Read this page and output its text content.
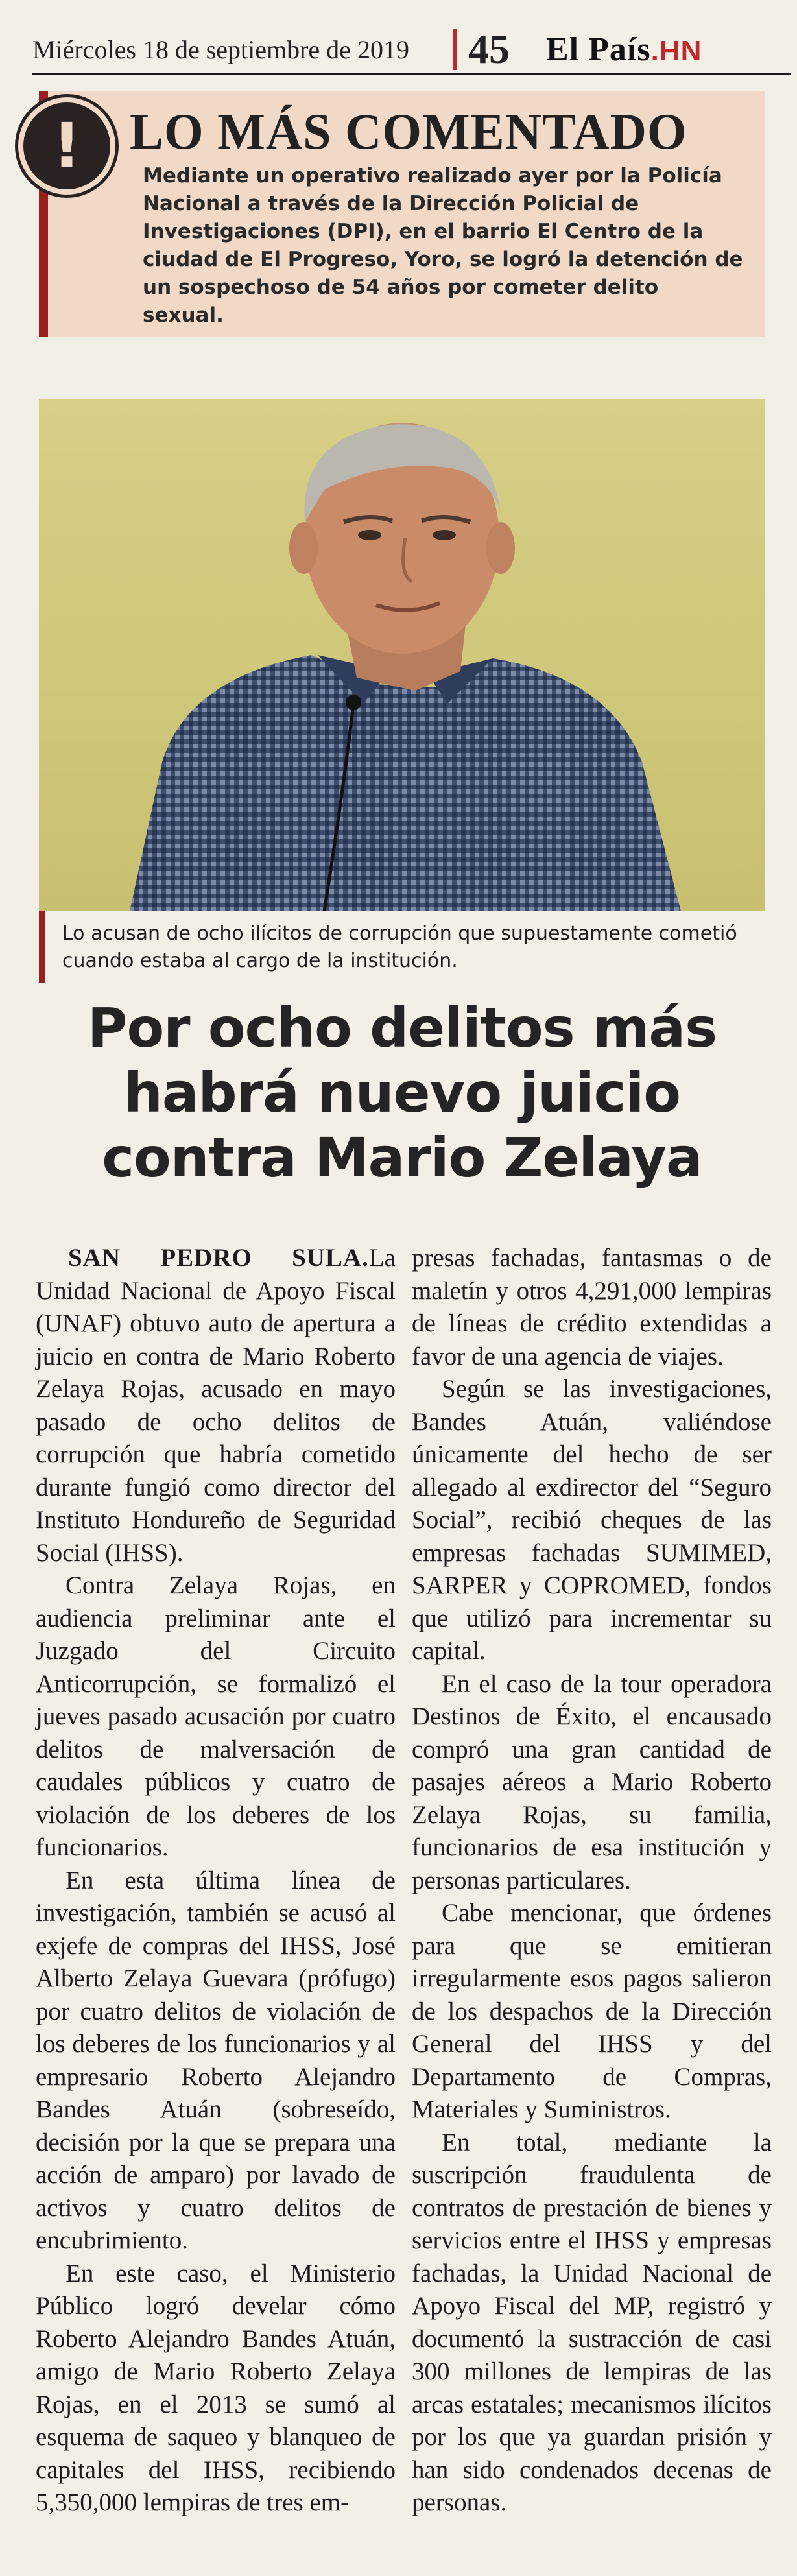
Miércoles 18 de septiembre de 2019	45	El País.HN
! LO MÁS COMENTADO
Mediante un operativo realizado ayer por la Policía Nacional a través de la Dirección Policial de Investigaciones (DPI), en el barrio El Centro de la ciudad de El Progreso, Yoro, se logró la detención de un sospechoso de 54 años por cometer delito sexual.
Lo acusan de ocho ilícitos de corrupción que supuestamente cometió cuando estaba al cargo de la institución.
Por ocho delitos más habrá nuevo juicio contra Mario Zelaya

SAN PEDRO SULA.La Unidad Nacional de Apoyo Fiscal (UNAF) obtuvo auto de apertura a juicio en contra de Mario Roberto Zelaya Rojas, acusado en mayo pasado de ocho delitos de corrupción que habría cometido durante fungió como director del Instituto Hondureño de Seguridad Social (IHSS).

Contra Zelaya Rojas, en audiencia preliminar ante el Juzgado del Circuito Anticorrupción, se formalizó el jueves pasado acusación por cuatro delitos de malversación de caudales públicos y cuatro de violación de los deberes de los funcionarios.

En esta última línea de investigación, también se acusó al exjefe de compras del IHSS, José Alberto Zelaya Guevara (prófugo) por cuatro delitos de violación de los deberes de los funcionarios y al empresario Roberto Alejandro Bandes Atuán (sobreseído, decisión por la que se prepara una acción de amparo) por lavado de activos y cuatro delitos de encubrimiento.

En este caso, el Ministerio Público logró develar cómo Roberto Alejandro Bandes Atuán, amigo de Mario Roberto Zelaya Rojas, en el 2013 se sumó al esquema de saqueo y blanqueo de capitales del IHSS, recibiendo 5,350,000 lempiras de tres em-

presas fachadas, fantasmas o de maletín y otros 4,291,000 lempiras de líneas de crédito extendidas a favor de una agencia de viajes.

Según se las investigaciones, Bandes Atuán, valiéndose únicamente del hecho de ser allegado al exdirector del “Seguro Social”, recibió cheques de las empresas fachadas SUMIMED, SARPER y COPROMED, fondos que utilizó para incrementar su capital.

En el caso de la tour operadora Destinos de Éxito, el encausado compró una gran cantidad de pasajes aéreos a Mario Roberto Zelaya Rojas, su familia, funcionarios de esa institución y personas particulares.

Cabe mencionar, que órdenes para que se emitieran irregularmente esos pagos salieron de los despachos de la Dirección General del IHSS y del Departamento de Compras, Materiales y Suministros.

En total, mediante la suscripción fraudulenta de contratos de prestación de bienes y servicios entre el IHSS y empresas fachadas, la Unidad Nacional de Apoyo Fiscal del MP, registró y documentó la sustracción de casi 300 millones de lempiras de las arcas estatales; mecanismos ilícitos por los que ya guardan prisión y han sido condenados decenas de personas.
